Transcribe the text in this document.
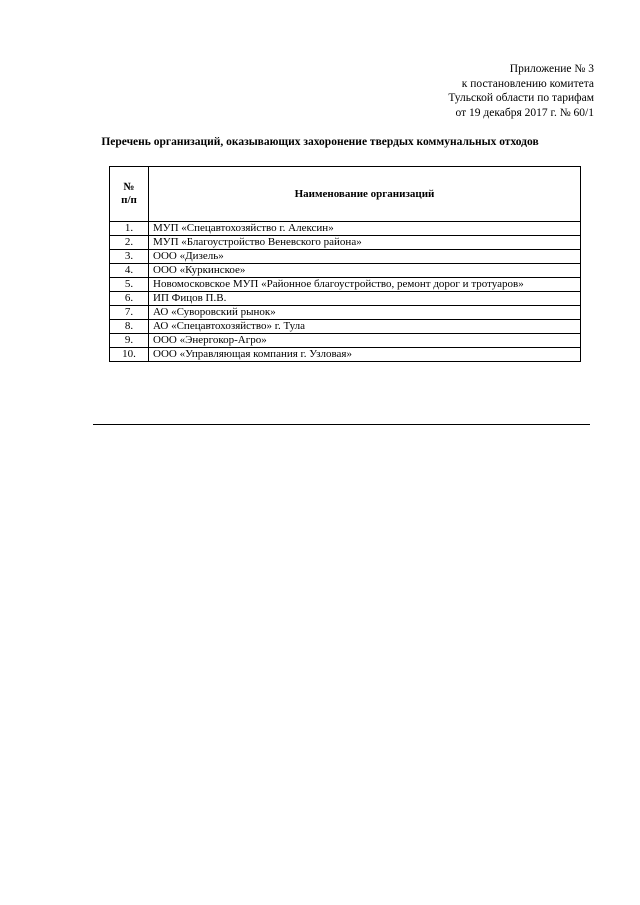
Приложение № 3
к постановлению комитета
Тульской области по тарифам
от 19 декабря 2017 г. № 60/1
Перечень организаций, оказывающих захоронение твердых коммунальных отходов
№
п/п	Наименование организаций
1.	МУП «Спецавтохозяйство г. Алексин»
2.	МУП «Благоустройство Веневского района»
3.	ООО «Дизель»
4.	ООО «Куркинское»
5.	Новомосковское МУП «Районное благоустройство, ремонт дорог и тротуаров»
6.	ИП Фицов П.В.
7.	АО «Суворовский рынок»
8.	АО «Спецавтохозяйство» г. Тула
9.	ООО «Энергокор-Агро»
10.	ООО «Управляющая компания г. Узловая»
